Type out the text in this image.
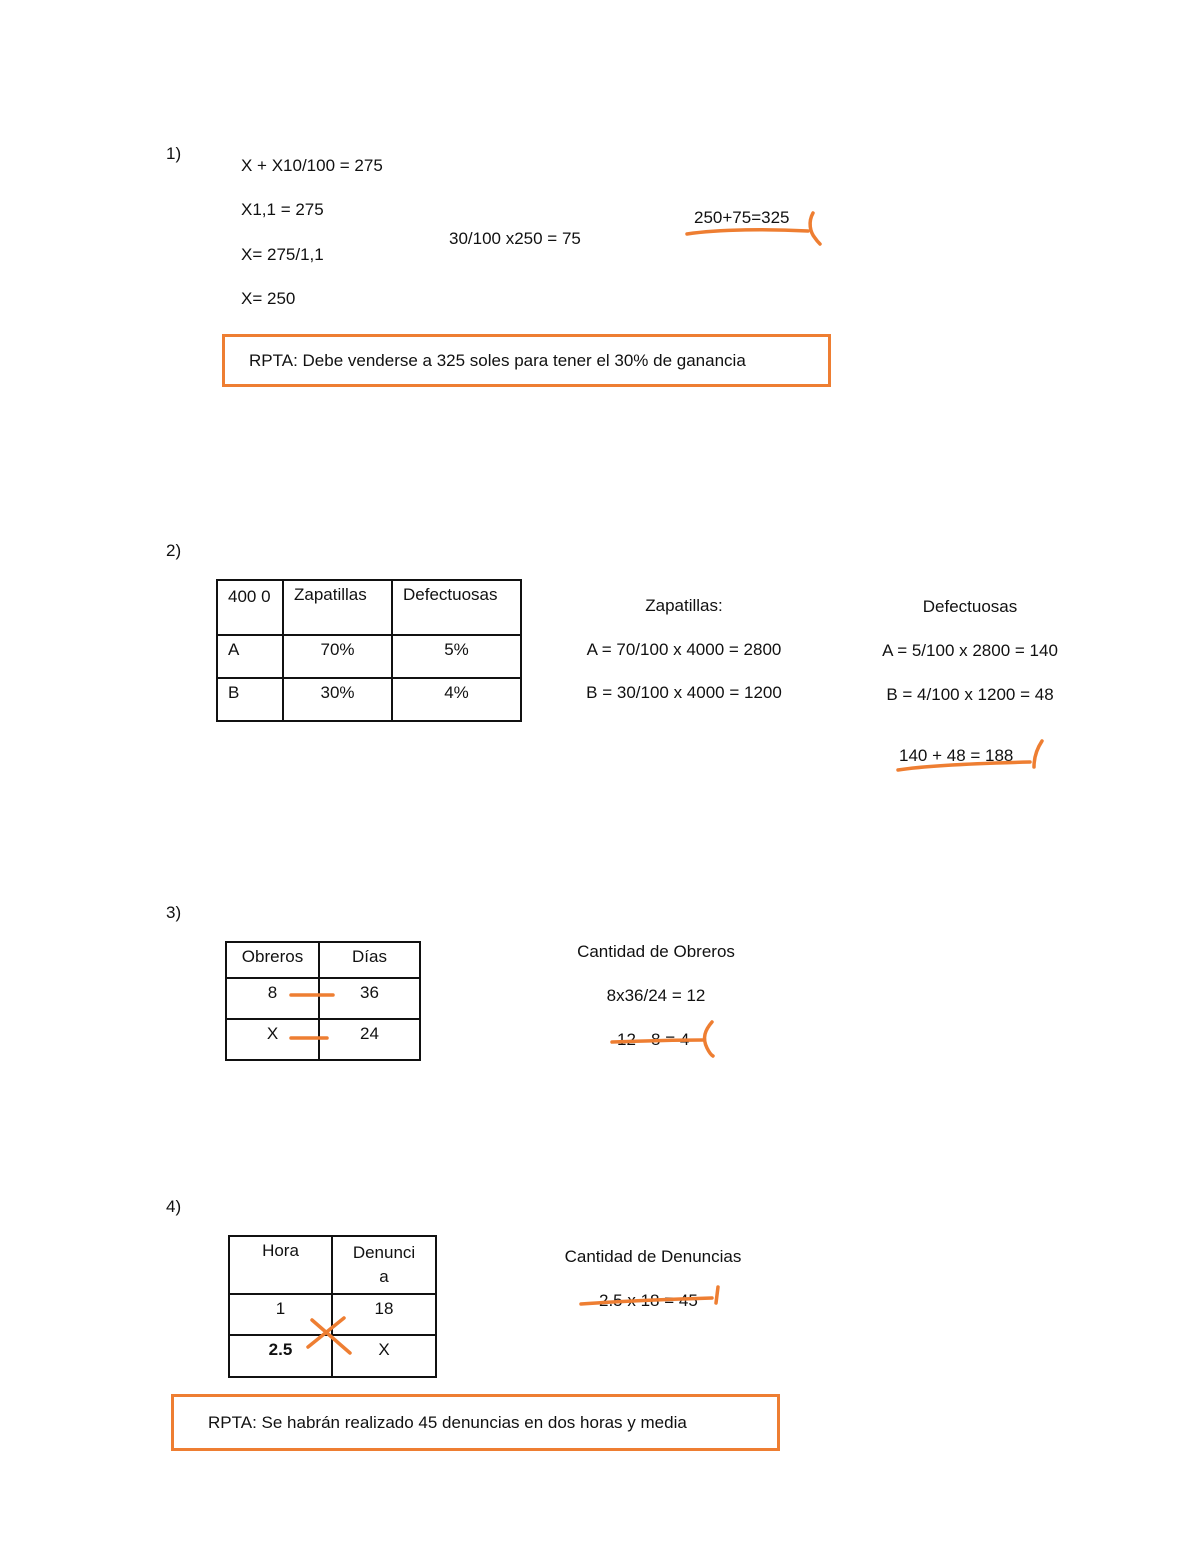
1)
X + X10/100 = 275
X1,1 = 275
X= 275/1,1
X= 250
30/100 x250 = 75
250+75=325
RPTA: Debe venderse a 325 soles para tener el 30% de ganancia
2)
400 0	Zapatillas	Defectuosas
A	70%	5%
B	30%	4%
Zapatillas:
A = 70/100 x 4000 = 2800
B = 30/100 x 4000 = 1200
Defectuosas
A = 5/100 x 2800 = 140
B = 4/100 x 1200 = 48
140 + 48 = 188
3)
Obreros	Días
8	36
X	24
Cantidad de Obreros
8x36/24 = 12
12 - 8 = 4
4)
Hora	Denunci a
1	18
2.5	X
Cantidad de Denuncias
2.5 x 18 = 45
RPTA: Se habrán realizado 45 denuncias en dos horas y media
